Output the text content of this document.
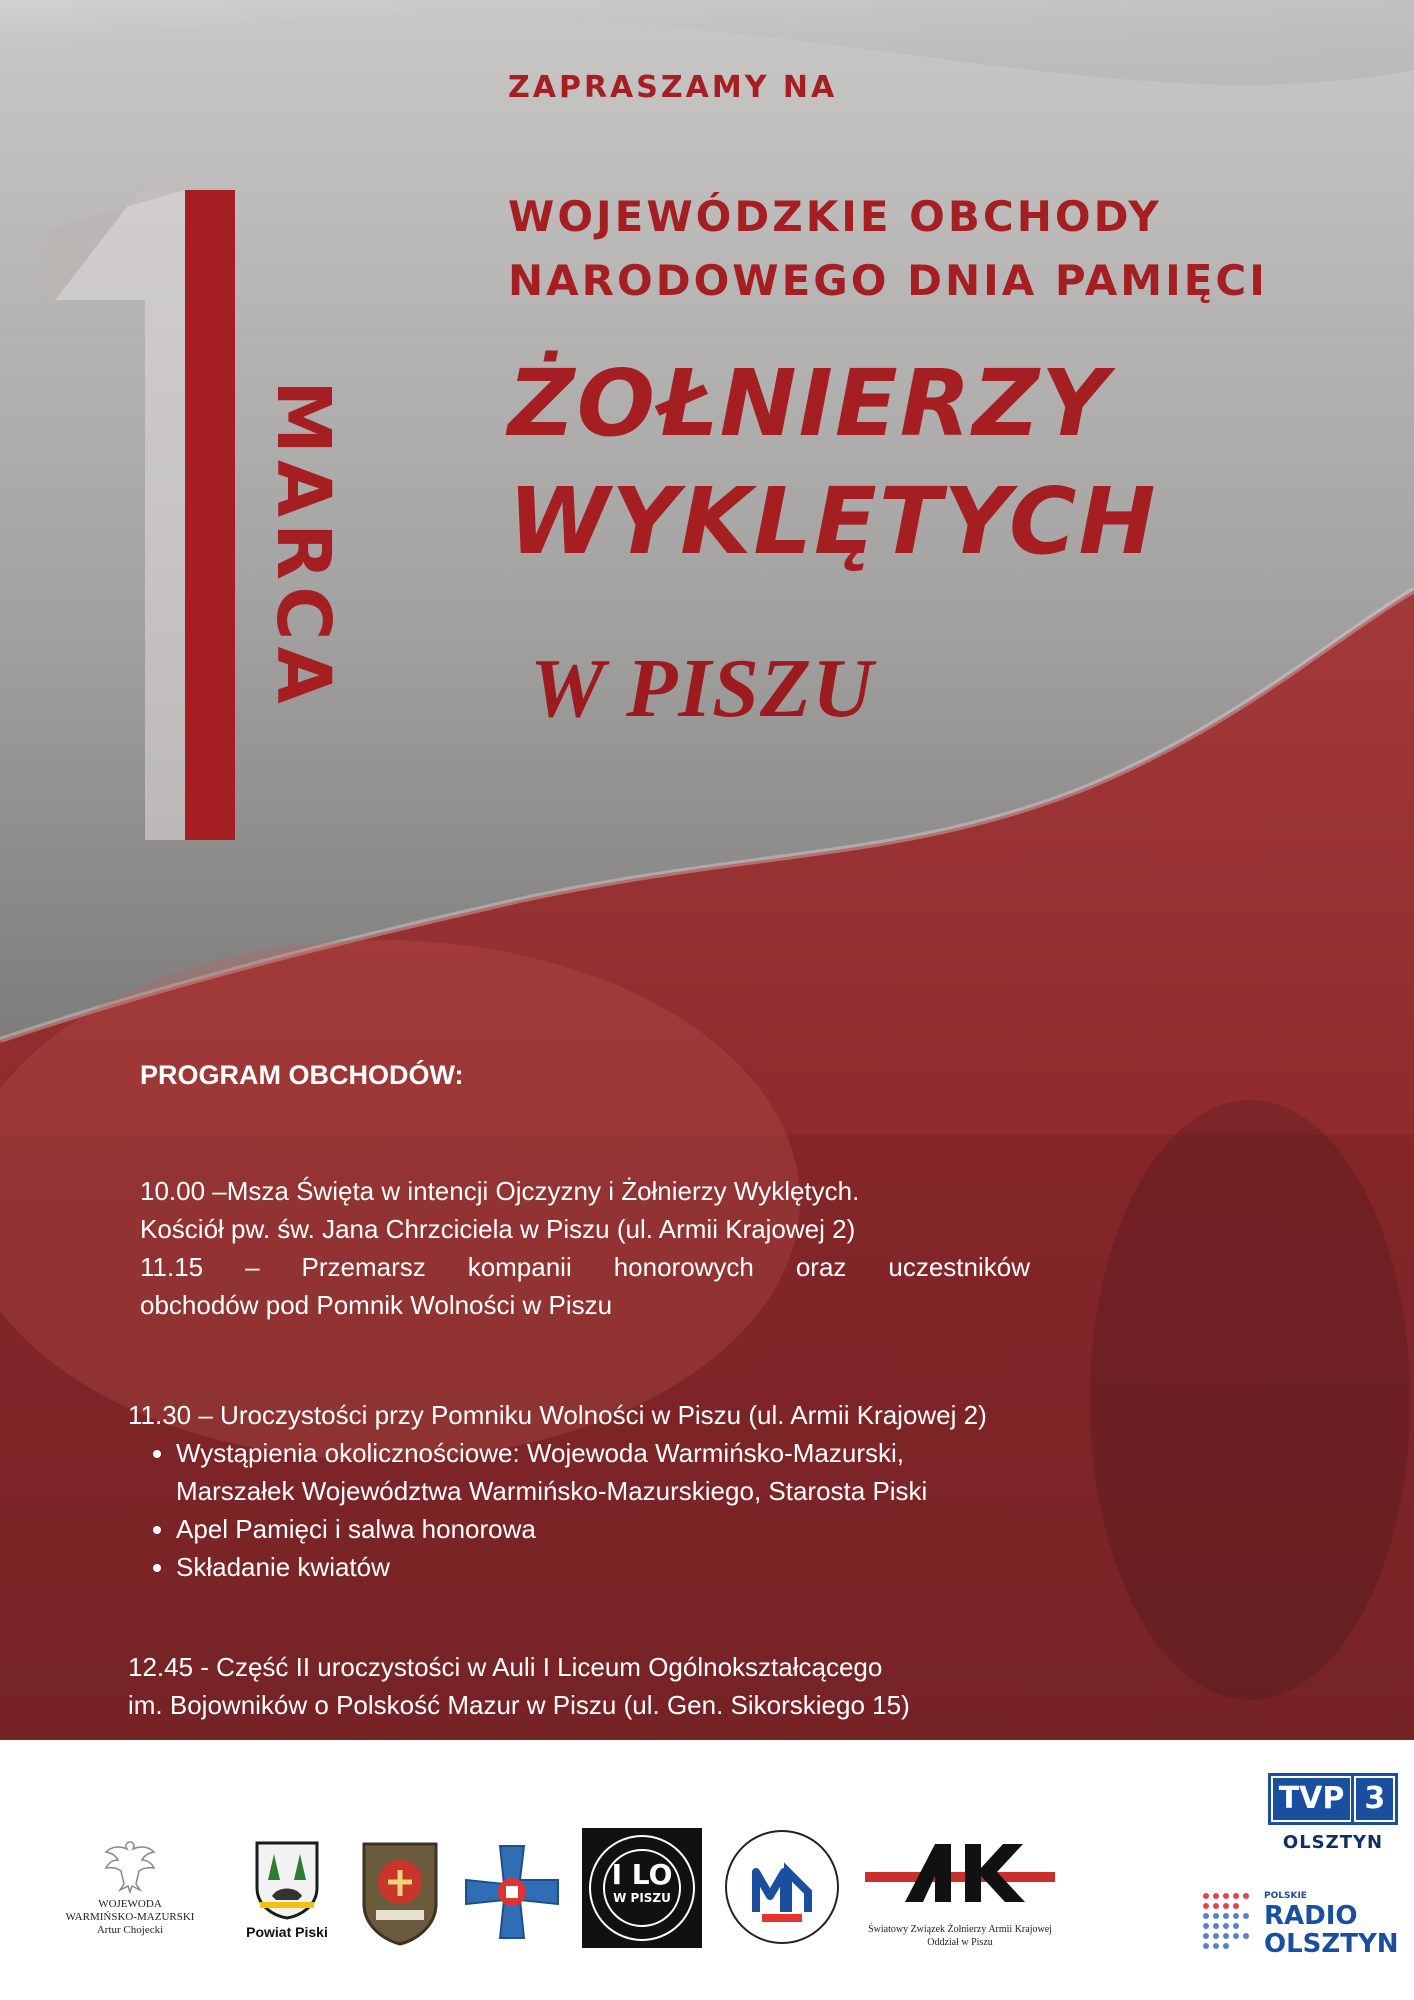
MARCA
ZAPRASZAMY NA
WOJEWÓDZKIE OBCHODY
NARODOWEGO DNIA PAMIĘCI
ŻOŁNIERZY
WYKLĘTYCH
W PISZU
PROGRAM OBCHODÓW:
10.00 –Msza Święta w intencji Ojczyzny i Żołnierzy Wyklętych.
Kościół pw. św. Jana Chrzciciela w Piszu (ul. Armii Krajowej 2)
11.15 – Przemarsz kompanii honorowych oraz uczestników
obchodów pod Pomnik Wolności w Piszu
11.30 – Uroczystości przy Pomniku Wolności w Piszu (ul. Armii Krajowej 2)
• Wystąpienia okolicznościowe: Wojewoda Warmińsko-Mazurski,
Marszałek Województwa Warmińsko-Mazurskiego, Starosta Piski
• Apel Pamięci i salwa honorowa
• Składanie kwiatów
12.45 - Część II uroczystości w Auli I Liceum Ogólnokształcącego
im. Bojowników o Polskość Mazur w Piszu (ul. Gen. Sikorskiego 15)
WOJEWODA
WARMIŃSKO-MAZURSKI
Artur Chojecki	Powiat Piski
I LO
W PISZU
Światowy Związek Żołnierzy Armii Krajowej
Oddział w Piszu
TVP 3
OLSZTYN
POLSKIE
RADIO
OLSZTYN
